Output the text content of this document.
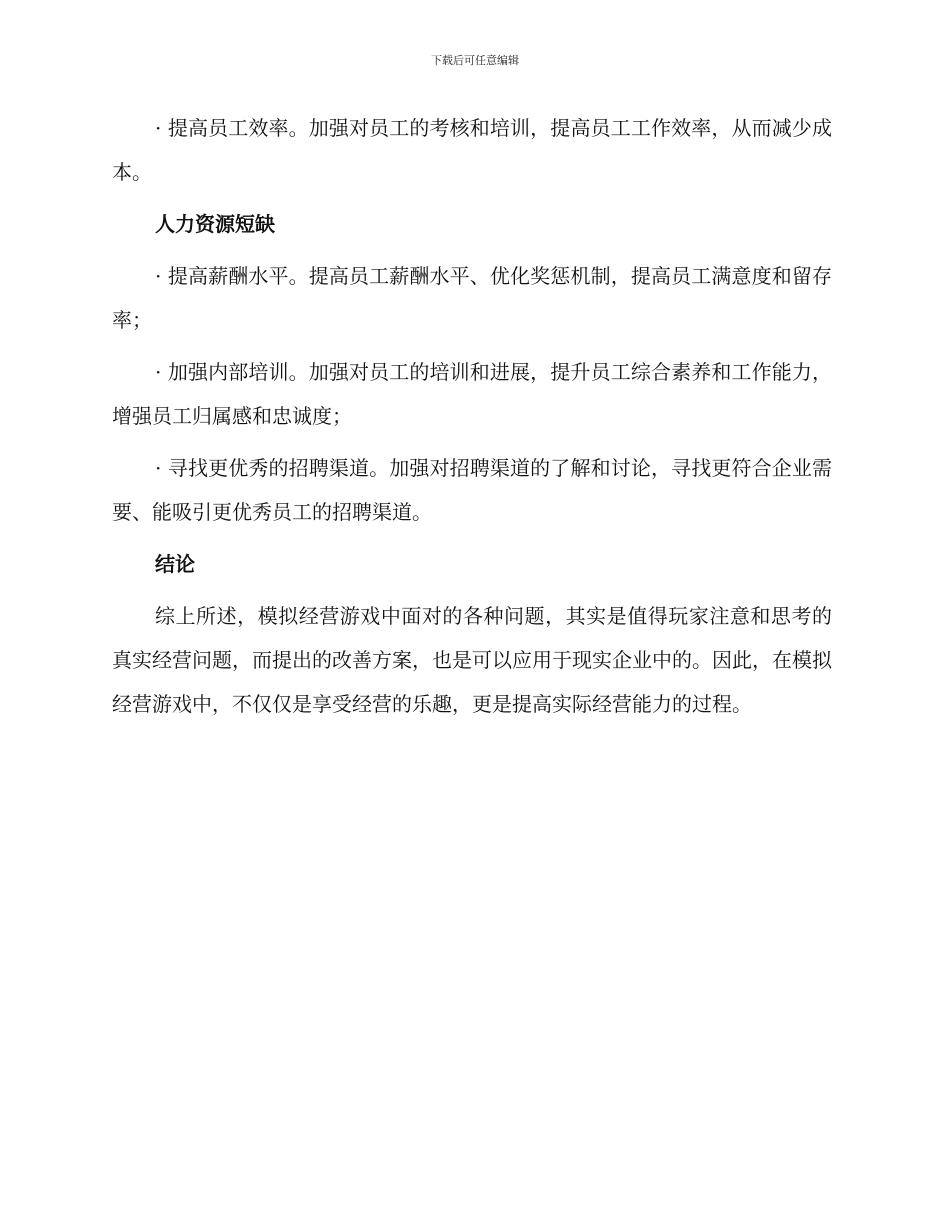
下载后可任意编辑

· 提高员工效率。加强对员工的考核和培训，提高员工工作效率，从而减少成本。

人力资源短缺

· 提高薪酬水平。提高员工薪酬水平、优化奖惩机制，提高员工满意度和留存率；

· 加强内部培训。加强对员工的培训和进展，提升员工综合素养和工作能力，增强员工归属感和忠诚度；

· 寻找更优秀的招聘渠道。加强对招聘渠道的了解和讨论，寻找更符合企业需要、能吸引更优秀员工的招聘渠道。

结论

综上所述，模拟经营游戏中面对的各种问题，其实是值得玩家注意和思考的真实经营问题，而提出的改善方案，也是可以应用于现实企业中的。因此，在模拟经营游戏中，不仅仅是享受经营的乐趣，更是提高实际经营能力的过程。
